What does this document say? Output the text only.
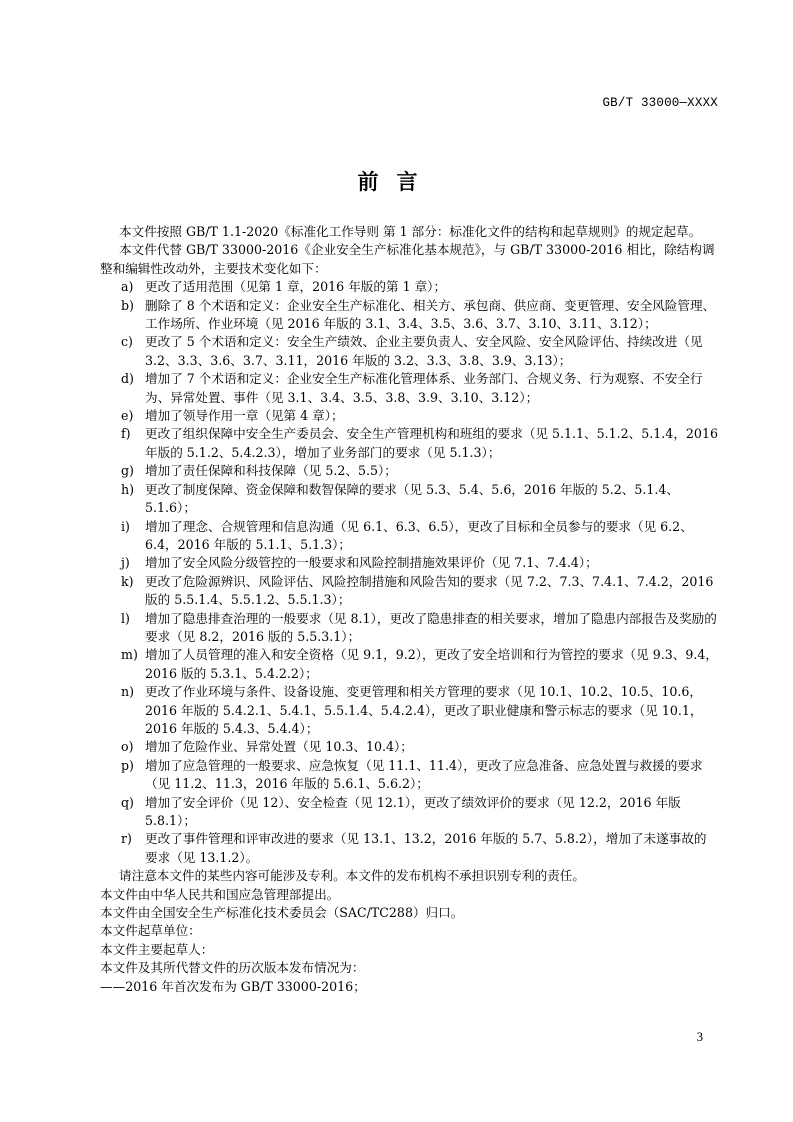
GB/T 33000—XXXX
前言

本文件按照 GB/T 1.1-2020《标准化工作导则 第 1 部分：标准化文件的结构和起草规则》的规定起草。

本文件代替 GB/T 33000-2016《企业安全生产标准化基本规范》，与 GB/T 33000-2016 相比，除结构调整和编辑性改动外，主要技术变化如下：

a) 更改了适用范围（见第 1 章，2016 年版的第 1 章）；
b) 删除了 8 个术语和定义：企业安全生产标准化、相关方、承包商、供应商、变更管理、安全风险管理、工作场所、作业环境（见 2016 年版的 3.1、3.4、3.5、3.6、3.7、3.10、3.11、3.12）；
c) 更改了 5 个术语和定义：安全生产绩效、企业主要负责人、安全风险、安全风险评估、持续改进（见 3.2、3.3、3.6、3.7、3.11，2016 年版的 3.2、3.3、3.8、3.9、3.13）；
d) 增加了 7 个术语和定义：企业安全生产标准化管理体系、业务部门、合规义务、行为观察、不安全行为、异常处置、事件（见 3.1、3.4、3.5、3.8、3.9、3.10、3.12）；
e) 增加了领导作用一章（见第 4 章）；
f)	更改了组织保障中安全生产委员会、安全生产管理机构和班组的要求（见 5.1.1、5.1.2、5.1.4，2016 年版的 5.1.2、5.4.2.3），增加了业务部门的要求（见 5.1.3）；
g) 增加了责任保障和科技保障（见 5.2、5.5）；
h) 更改了制度保障、资金保障和数智保障的要求（见 5.3、5.4、5.6，2016 年版的 5.2、5.1.4、5.1.6）；
i)	增加了理念、合规管理和信息沟通（见 6.1、6.3、6.5），更改了目标和全员参与的要求（见 6.2、6.4，2016 年版的 5.1.1、5.1.3）；
j)	增加了安全风险分级管控的一般要求和风险控制措施效果评价（见 7.1、7.4.4）；
k) 更改了危险源辨识、风险评估、风险控制措施和风险告知的要求（见 7.2、7.3、7.4.1、7.4.2，2016 版的 5.5.1.4、5.5.1.2、5.5.1.3）；
l)	增加了隐患排查治理的一般要求（见 8.1），更改了隐患排查的相关要求，增加了隐患内部报告及奖励的要求（见 8.2，2016 版的 5.5.3.1）；
m) 增加了人员管理的准入和安全资格（见 9.1，9.2），更改了安全培训和行为管控的要求（见 9.3、9.4，2016 版的 5.3.1、5.4.2.2）；
n) 更改了作业环境与条件、设备设施、变更管理和相关方管理的要求（见 10.1、10.2、10.5、10.6，2016 年版的 5.4.2.1、5.4.1、5.5.1.4、5.4.2.4），更改了职业健康和警示标志的要求（见 10.1，2016 年版的 5.4.3、5.4.4）；
o) 增加了危险作业、异常处置（见 10.3、10.4）；
p) 增加了应急管理的一般要求、应急恢复（见 11.1、11.4），更改了应急准备、应急处置与救援的要求（见 11.2、11.3，2016 年版的 5.6.1、5.6.2）；
q) 增加了安全评价（见 12）、安全检查（见 12.1），更改了绩效评价的要求（见 12.2，2016 年版 5.8.1）；
r)	更改了事件管理和评审改进的要求（见 13.1、13.2，2016 年版的 5.7、5.8.2），增加了未遂事故的要求（见 13.1.2）。

请注意本文件的某些内容可能涉及专利。本文件的发布机构不承担识别专利的责任。

本文件由中华人民共和国应急管理部提出。

本文件由全国安全生产标准化技术委员会（SAC/TC288）归口。

本文件起草单位：

本文件主要起草人：

本文件及其所代替文件的历次版本发布情况为：

——2016 年首次发布为 GB/T 33000-2016；

3
